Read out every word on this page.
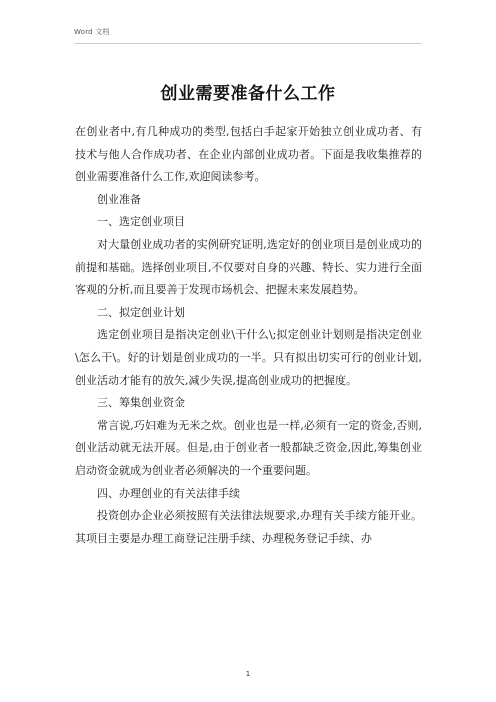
Word 文档
创业需要准备什么工作

在创业者中,有几种成功的类型,包括白手起家开始独立创业成功者、有技术与他人合作成功者、在企业内部创业成功者。下面是我收集推荐的创业需要准备什么工作,欢迎阅读参考。

创业准备

一、选定创业项目

对大量创业成功者的实例研究证明,选定好的创业项目是创业成功的前提和基础。选择创业项目,不仅要对自身的兴趣、特长、实力进行全面客观的分析,而且要善于发现市场机会、把握未来发展趋势。

二、拟定创业计划

选定创业项目是指决定创业\干什么\;拟定创业计划则是指决定创业\怎么干\。好的计划是创业成功的一半。只有拟出切实可行的创业计划,创业活动才能有的放矢,减少失误,提高创业成功的把握度。

三、筹集创业资金

常言说,巧妇难为无米之炊。创业也是一样,必须有一定的资金,否则,创业活动就无法开展。但是,由于创业者一般都缺乏资金,因此,筹集创业启动资金就成为创业者必须解决的一个重要问题。

四、办理创业的有关法律手续

投资创办企业必须按照有关法律法规要求,办理有关手续方能开业。其项目主要是办理工商登记注册手续、办理税务登记手续、办

1
